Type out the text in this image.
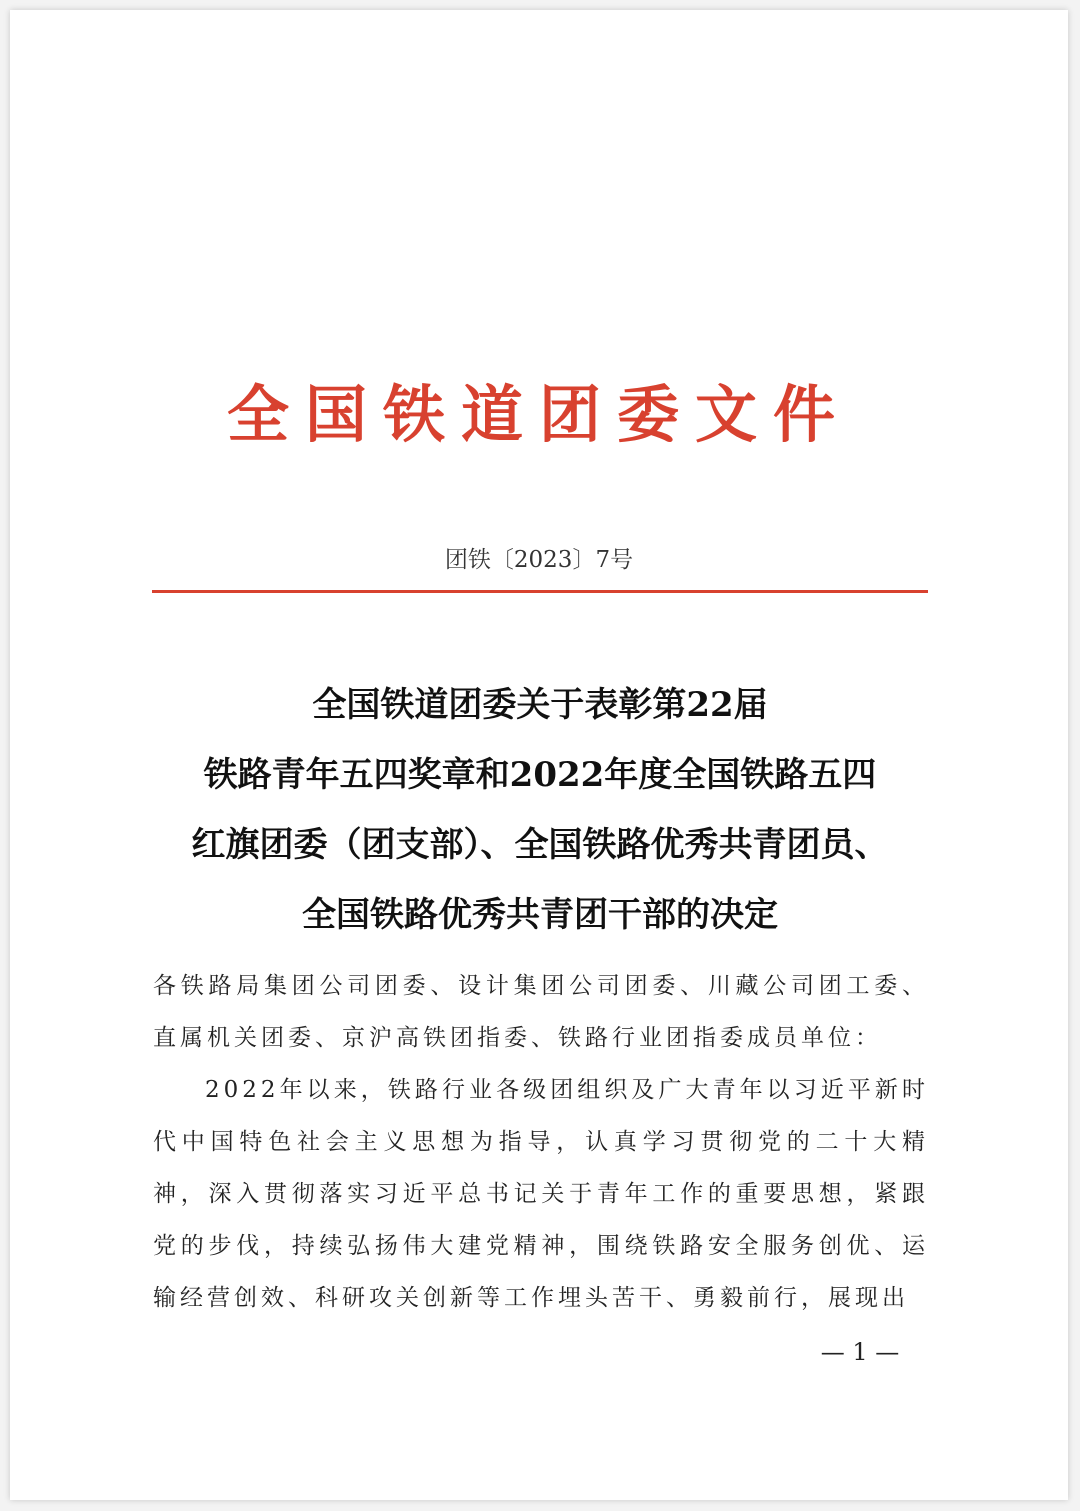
全国铁道团委文件
团铁〔2023〕7号
全国铁道团委关于表彰第22届
铁路青年五四奖章和2022年度全国铁路五四
红旗团委（团支部）、全国铁路优秀共青团员、
全国铁路优秀共青团干部的决定

各铁路局集团公司团委、设计集团公司团委、川藏公司团工委、直属机关团委、京沪高铁团指委、铁路行业团指委成员单位：

2022年以来，铁路行业各级团组织及广大青年以习近平新时代中国特色社会主义思想为指导，认真学习贯彻党的二十大精神，深入贯彻落实习近平总书记关于青年工作的重要思想，紧跟党的步伐，持续弘扬伟大建党精神，围绕铁路安全服务创优、运输经营创效、科研攻关创新等工作埋头苦干、勇毅前行，展现出

— 1 —
